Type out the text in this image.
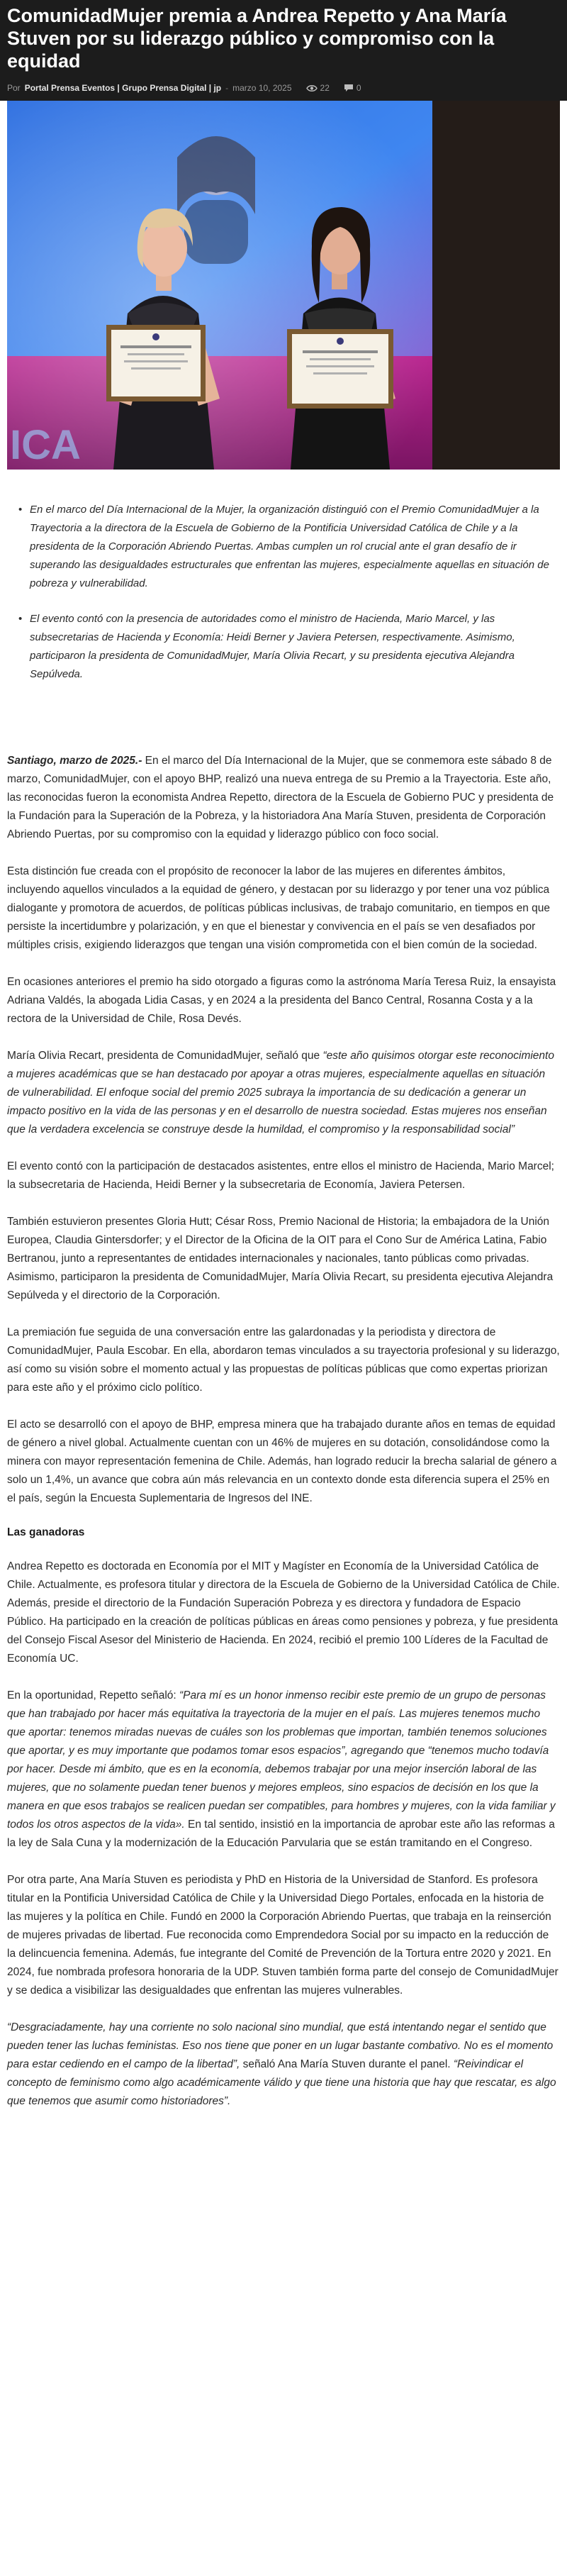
ComunidadMujer premia a Andrea Repetto y Ana María Stuven por su liderazgo público y compromiso con la equidad
Por Portal Prensa Eventos | Grupo Prensa Digital | jp - marzo 10, 2025	22	0
ICA
• En el marco del Día Internacional de la Mujer, la organización distinguió con el Premio ComunidadMujer a la Trayectoria a la directora de la Escuela de Gobierno de la Pontificia Universidad Católica de Chile y a la presidenta de la Corporación Abriendo Puertas. Ambas cumplen un rol crucial ante el gran desafío de ir superando las desigualdades estructurales que enfrentan las mujeres, especialmente aquellas en situación de pobreza y vulnerabilidad.
• El evento contó con la presencia de autoridades como el ministro de Hacienda, Mario Marcel, y las subsecretarias de Hacienda y Economía: Heidi Berner y Javiera Petersen, respectivamente. Asimismo, participaron la presidenta de ComunidadMujer, María Olivia Recart, y su presidenta ejecutiva Alejandra Sepúlveda.

Santiago, marzo de 2025.- En el marco del Día Internacional de la Mujer, que se conmemora este sábado 8 de marzo, ComunidadMujer, con el apoyo BHP, realizó una nueva entrega de su Premio a la Trayectoria. Este año, las reconocidas fueron la economista Andrea Repetto, directora de la Escuela de Gobierno PUC y presidenta de la Fundación para la Superación de la Pobreza, y la historiadora Ana María Stuven, presidenta de Corporación Abriendo Puertas, por su compromiso con la equidad y liderazgo público con foco social.

Esta distinción fue creada con el propósito de reconocer la labor de las mujeres en diferentes ámbitos, incluyendo aquellos vinculados a la equidad de género, y destacan por su liderazgo y por tener una voz pública dialogante y promotora de acuerdos, de políticas públicas inclusivas, de trabajo comunitario, en tiempos en que persiste la incertidumbre y polarización, y en que el bienestar y convivencia en el país se ven desafiados por múltiples crisis, exigiendo liderazgos que tengan una visión comprometida con el bien común de la sociedad.

En ocasiones anteriores el premio ha sido otorgado a figuras como la astrónoma María Teresa Ruiz, la ensayista Adriana Valdés, la abogada Lidia Casas, y en 2024 a la presidenta del Banco Central, Rosanna Costa y a la rectora de la Universidad de Chile, Rosa Devés.

María Olivia Recart, presidenta de ComunidadMujer, señaló que “este año quisimos otorgar este reconocimiento a mujeres académicas que se han destacado por apoyar a otras mujeres, especialmente aquellas en situación de vulnerabilidad. El enfoque social del premio 2025 subraya la importancia de su dedicación a generar un impacto positivo en la vida de las personas y en el desarrollo de nuestra sociedad. Estas mujeres nos enseñan que la verdadera excelencia se construye desde la humildad, el compromiso y la responsabilidad social”

El evento contó con la participación de destacados asistentes, entre ellos el ministro de Hacienda, Mario Marcel; la subsecretaria de Hacienda, Heidi Berner y la subsecretaria de Economía, Javiera Petersen.

También estuvieron presentes Gloria Hutt; César Ross, Premio Nacional de Historia; la embajadora de la Unión Europea, Claudia Gintersdorfer; y el Director de la Oficina de la OIT para el Cono Sur de América Latina, Fabio Bertranou, junto a representantes de entidades internacionales y nacionales, tanto públicas como privadas. Asimismo, participaron la presidenta de ComunidadMujer, María Olivia Recart, su presidenta ejecutiva Alejandra Sepúlveda y el directorio de la Corporación.

La premiación fue seguida de una conversación entre las galardonadas y la periodista y directora de ComunidadMujer, Paula Escobar. En ella, abordaron temas vinculados a su trayectoria profesional y su liderazgo, así como su visión sobre el momento actual y las propuestas de políticas públicas que como expertas priorizan para este año y el próximo ciclo político.

El acto se desarrolló con el apoyo de BHP, empresa minera que ha trabajado durante años en temas de equidad de género a nivel global. Actualmente cuentan con un 46% de mujeres en su dotación, consolidándose como la minera con mayor representación femenina de Chile. Además, han logrado reducir la brecha salarial de género a solo un 1,4%, un avance que cobra aún más relevancia en un contexto donde esta diferencia supera el 25% en el país, según la Encuesta Suplementaria de Ingresos del INE.

Las ganadoras

Andrea Repetto es doctorada en Economía por el MIT y Magíster en Economía de la Universidad Católica de Chile. Actualmente, es profesora titular y directora de la Escuela de Gobierno de la Universidad Católica de Chile. Además, preside el directorio de la Fundación Superación Pobreza y es directora y fundadora de Espacio Público. Ha participado en la creación de políticas públicas en áreas como pensiones y pobreza, y fue presidenta del Consejo Fiscal Asesor del Ministerio de Hacienda. En 2024, recibió el premio 100 Líderes de la Facultad de Economía UC.

En la oportunidad, Repetto señaló: “Para mí es un honor inmenso recibir este premio de un grupo de personas que han trabajado por hacer más equitativa la trayectoria de la mujer en el país. Las mujeres tenemos mucho que aportar: tenemos miradas nuevas de cuáles son los problemas que importan, también tenemos soluciones que aportar, y es muy importante que podamos tomar esos espacios”, agregando que “tenemos mucho todavía por hacer. Desde mi ámbito, que es en la economía, debemos trabajar por una mejor inserción laboral de las mujeres, que no solamente puedan tener buenos y mejores empleos, sino espacios de decisión en los que la manera en que esos trabajos se realicen puedan ser compatibles, para hombres y mujeres, con la vida familiar y todos los otros aspectos de la vida». En tal sentido, insistió en la importancia de aprobar este año las reformas a la ley de Sala Cuna y la modernización de la Educación Parvularia que se están tramitando en el Congreso.

Por otra parte, Ana María Stuven es periodista y PhD en Historia de la Universidad de Stanford. Es profesora titular en la Pontificia Universidad Católica de Chile y la Universidad Diego Portales, enfocada en la historia de las mujeres y la política en Chile. Fundó en 2000 la Corporación Abriendo Puertas, que trabaja en la reinserción de mujeres privadas de libertad. Fue reconocida como Emprendedora Social por su impacto en la reducción de la delincuencia femenina. Además, fue integrante del Comité de Prevención de la Tortura entre 2020 y 2021. En 2024, fue nombrada profesora honoraria de la UDP. Stuven también forma parte del consejo de ComunidadMujer y se dedica a visibilizar las desigualdades que enfrentan las mujeres vulnerables.

“Desgraciadamente, hay una corriente no solo nacional sino mundial, que está intentando negar el sentido que pueden tener las luchas feministas. Eso nos tiene que poner en un lugar bastante combativo. No es el momento para estar cediendo en el campo de la libertad”, señaló Ana María Stuven durante el panel. “Reivindicar el concepto de feminismo como algo académicamente válido y que tiene una historia que hay que rescatar, es algo que tenemos que asumir como historiadores”.
